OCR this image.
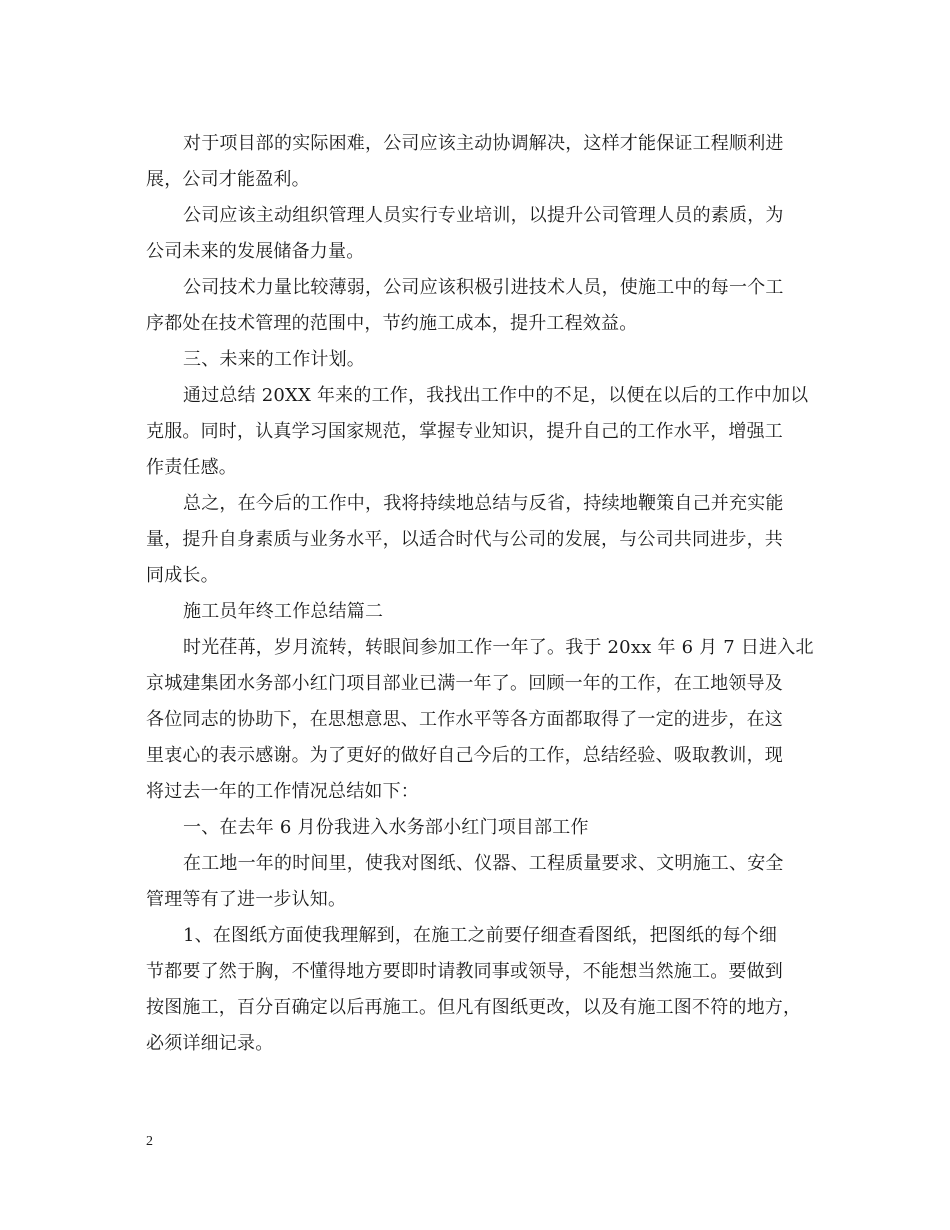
对于项目部的实际困难，公司应该主动协调解决，这样才能保证工程顺利进
展，公司才能盈利。
公司应该主动组织管理人员实行专业培训，以提升公司管理人员的素质，为
公司未来的发展储备力量。
公司技术力量比较薄弱，公司应该积极引进技术人员，使施工中的每一个工
序都处在技术管理的范围中，节约施工成本，提升工程效益。
三、未来的工作计划。
通过总结 20XX 年来的工作，我找出工作中的不足，以便在以后的工作中加以
克服。同时，认真学习国家规范，掌握专业知识，提升自己的工作水平，增强工
作责任感。
总之，在今后的工作中，我将持续地总结与反省，持续地鞭策自己并充实能
量，提升自身素质与业务水平，以适合时代与公司的发展，与公司共同进步，共
同成长。
施工员年终工作总结篇二
时光荏苒，岁月流转，转眼间参加工作一年了。我于 20xx 年 6 月 7 日进入北
京城建集团水务部小红门项目部业已满一年了。回顾一年的工作，在工地领导及
各位同志的协助下，在思想意思、工作水平等各方面都取得了一定的进步，在这
里衷心的表示感谢。为了更好的做好自己今后的工作，总结经验、吸取教训，现
将过去一年的工作情况总结如下：
一、在去年 6 月份我进入水务部小红门项目部工作
在工地一年的时间里，使我对图纸、仪器、工程质量要求、文明施工、安全
管理等有了进一步认知。
1、在图纸方面使我理解到，在施工之前要仔细查看图纸，把图纸的每个细
节都要了然于胸，不懂得地方要即时请教同事或领导，不能想当然施工。要做到
按图施工，百分百确定以后再施工。但凡有图纸更改，以及有施工图不符的地方，
必须详细记录。
2
